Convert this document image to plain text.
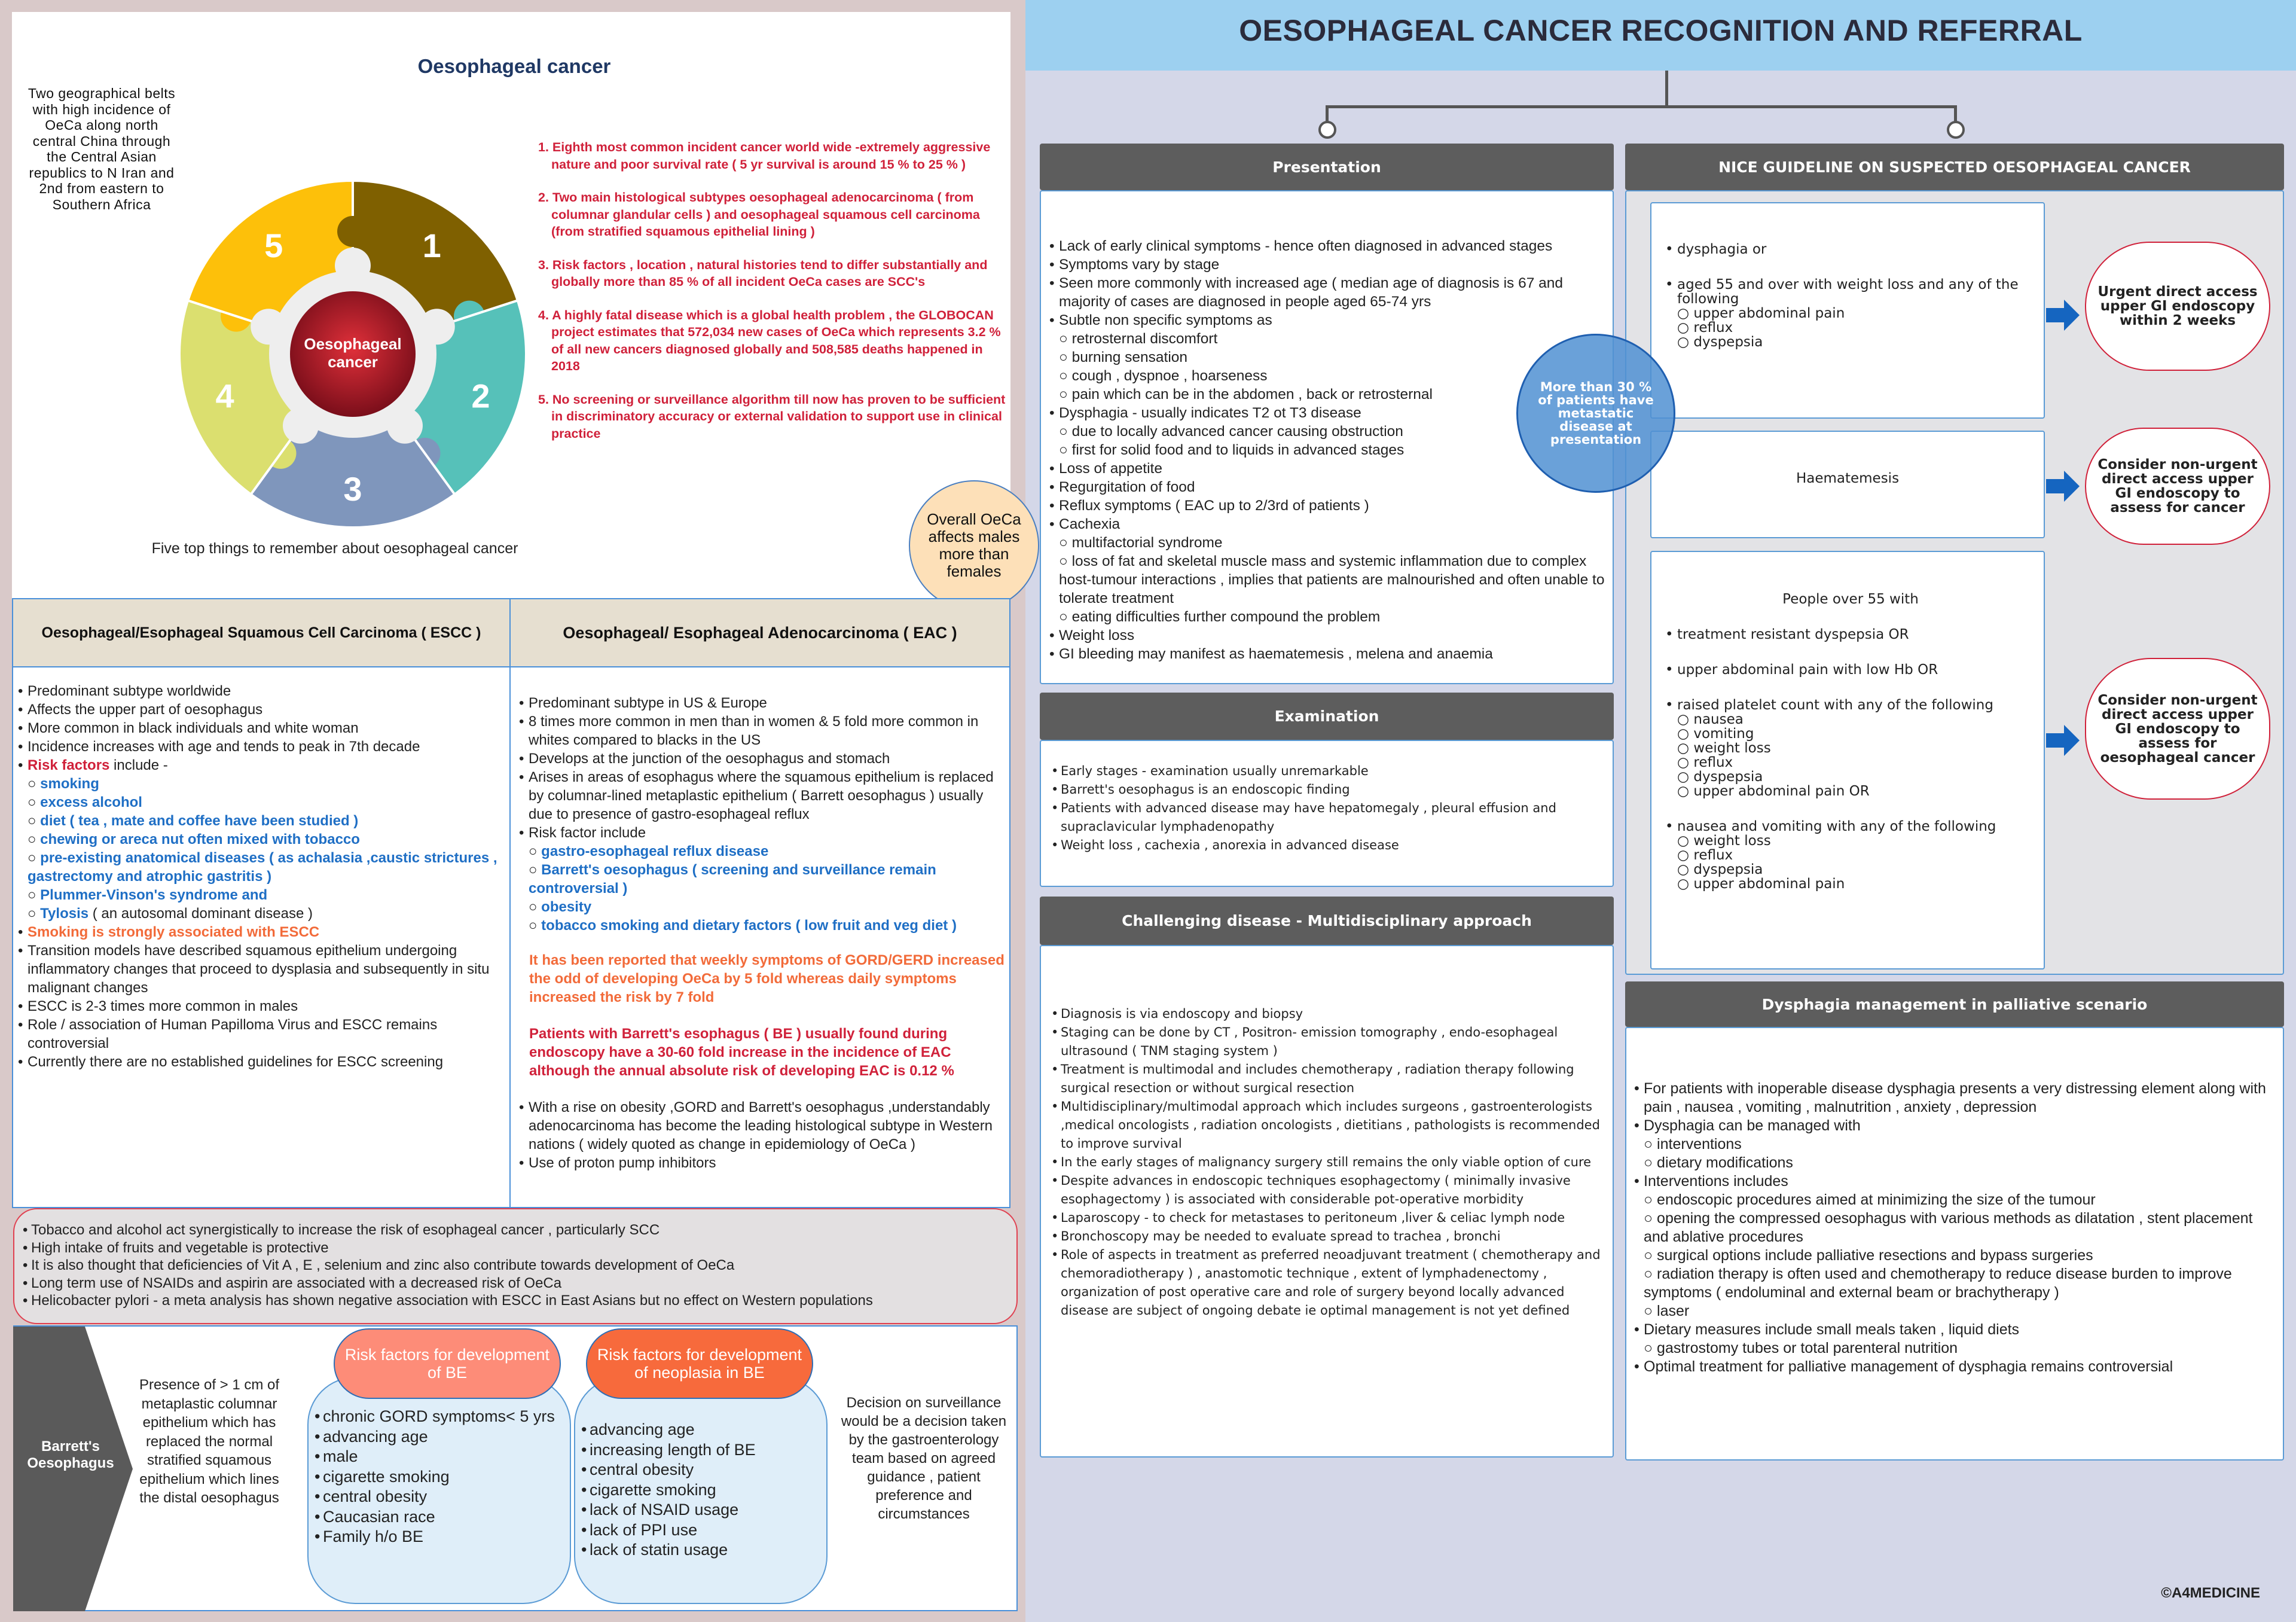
Oesophageal cancer
Two geographical belts with high incidence of OeCa along north central China through the Central Asian republics to N Iran and 2nd from eastern to Southern Africa
Oesophageal cancer
1
2
3
4
5
Five top things to remember about oesophageal cancer
1. Eighth most common incident cancer world wide -extremely aggressive nature and poor survival rate ( 5 yr survival is around 15 % to 25 % )
2. Two main histological subtypes oesophageal adenocarcinoma ( from columnar glandular cells ) and oesophageal squamous cell carcinoma (from stratified squamous epithelial lining )
3. Risk factors , location , natural histories tend to differ substantially and globally more than 85 % of all incident OeCa cases are SCC's
4. A highly fatal disease which is a global health problem , the GLOBOCAN project estimates that 572,034 new cases of OeCa which represents 3.2 % of all new cancers diagnosed globally and 508,585 deaths happened in 2018
5. No screening or surveillance algorithm till now has proven to be sufficient in discriminatory accuracy or external validation to support use in clinical practice
Overall OeCa affects males more than females
Oesophageal/Esophageal Squamous Cell Carcinoma ( ESCC )	Oesophageal/ Esophageal Adenocarcinoma ( EAC )
• Predominant subtype worldwide
• Affects the upper part of oesophagus
• More common in black individuals and white woman
• Incidence increases with age and tends to peak in 7th decade
• Risk factors include -
○ smoking
○ excess alcohol
○ diet ( tea , mate and coffee have been studied )
○ chewing or areca nut often mixed with tobacco
○ pre-existing anatomical diseases ( as achalasia ,caustic strictures , gastrectomy and atrophic gastritis )
○ Plummer-Vinson's syndrome and
○ Tylosis ( an autosomal dominant disease )
• Smoking is strongly associated with ESCC
• Transition models have described squamous epithelium undergoing inflammatory changes that proceed to dysplasia and subsequently in situ malignant changes
• ESCC is 2-3 times more common in males
• Role / association of Human Papilloma Virus and ESCC remains controversial
• Currently there are no established guidelines for ESCC screening
• Predominant subtype in US & Europe
• 8 times more common in men than in women & 5 fold more common in whites compared to blacks in the US
• Develops at the junction of the oesophagus and stomach
• Arises in areas of esophagus where the squamous epithelium is replaced by columnar-lined metaplastic epithelium ( Barrett oesophagus ) usually due to presence of gastro-esophageal reflux
• Risk factor include
○ gastro-esophageal reflux disease
○ Barrett's oesophagus ( screening and surveillance remain controversial )
○ obesity
○ tobacco smoking and dietary factors ( low fruit and veg diet )
It has been reported that weekly symptoms of GORD/GERD increased the odd of developing OeCa by 5 fold whereas daily symptoms increased the risk by 7 fold
Patients with Barrett's esophagus ( BE ) usually found during endoscopy have a 30-60 fold increase in the incidence of EAC although the annual absolute risk of developing EAC is 0.12 %
• With a rise on obesity ,GORD and Barrett's oesophagus ,understandably adenocarcinoma has become the leading histological subtype in Western nations ( widely quoted as change in epidemiology of OeCa )
• Use of proton pump inhibitors
• Tobacco and alcohol act synergistically to increase the risk of esophageal cancer , particularly SCC
• High intake of fruits and vegetable is protective
• It is also thought that deficiencies of Vit A , E , selenium and zinc also contribute towards development of OeCa
• Long term use of NSAIDs and aspirin are associated with a decreased risk of OeCa
• Helicobacter pylori - a meta analysis has shown negative association with ESCC in East Asians but no effect on Western populations
Barrett's Oesophagus
Presence of > 1 cm of metaplastic columnar epithelium which has replaced the normal stratified squamous epithelium which lines the distal oesophagus
Risk factors for development of BE
Risk factors for development of neoplasia in BE
• chronic GORD symptoms< 5 yrs
• advancing age
• male
• cigarette smoking
• central obesity
• Caucasian race
• Family h/o BE
• advancing age
• increasing length of BE
• central obesity
• cigarette smoking
• lack of NSAID usage
• lack of PPI use
• lack of statin usage
Decision on surveillance would be a decision taken by the gastroenterology team based on agreed guidance , patient preference and circumstances
OESOPHAGEAL CANCER RECOGNITION AND REFERRAL
Presentation
• Lack of early clinical symptoms - hence often diagnosed in advanced stages
• Symptoms vary by stage
• Seen more commonly with increased age ( median age of diagnosis is 67 and majority of cases are diagnosed in people aged 65-74 yrs
• Subtle non specific symptoms as
○ retrosternal discomfort
○ burning sensation
○ cough , dyspnoe , hoarseness
○ pain which can be in the abdomen , back or retrosternal
• Dysphagia - usually indicates T2 ot T3 disease
○ due to locally advanced cancer causing obstruction
○ first for solid food and to liquids in advanced stages
• Loss of appetite
• Regurgitation of food
• Reflux symptoms ( EAC up to 2/3rd of patients )
• Cachexia
○ multifactorial syndrome
○ loss of fat and skeletal muscle mass and systemic inflammation due to complex host-tumour interactions , implies that patients are malnourished and often unable to tolerate treatment
○ eating difficulties further compound the problem
• Weight loss
• GI bleeding may manifest as haematemesis , melena and anaemia
Examination
• Early stages - examination usually unremarkable
• Barrett's oesophagus is an endoscopic finding
• Patients with advanced disease may have hepatomegaly , pleural effusion and supraclavicular lymphadenopathy
• Weight loss , cachexia , anorexia in advanced disease
Challenging disease - Multidisciplinary approach
• Diagnosis is via endoscopy and biopsy
• Staging can be done by CT , Positron- emission tomography , endo-esophageal ultrasound ( TNM staging system )
• Treatment is multimodal and includes chemotherapy , radiation therapy following surgical resection or without surgical resection
• Multidisciplinary/multimodal approach which includes surgeons , gastroenterologists ,medical oncologists , radiation oncologists , dietitians , pathologists is recommended to improve survival
• In the early stages of malignancy surgery still remains the only viable option of cure
• Despite advances in endoscopic techniques esophagectomy ( minimally invasive esophagectomy ) is associated with considerable pot-operative morbidity
• Laparoscopy - to check for metastases to peritoneum ,liver & celiac lymph node
• Bronchoscopy may be needed to evaluate spread to trachea , bronchi
• Role of aspects in treatment as preferred neoadjuvant treatment ( chemotherapy and chemoradiotherapy ) , anastomotic technique , extent of lymphadenectomy , organization of post operative care and role of surgery beyond locally advanced disease are subject of ongoing debate ie optimal management is not yet defined
NICE GUIDELINE ON SUSPECTED OESOPHAGEAL CANCER
• dysphagia or
• aged 55 and over with weight loss and any of the following
○ upper abdominal pain
○ reflux
○ dyspepsia
Haematemesis
People over 55 with
• treatment resistant dyspepsia OR
• upper abdominal pain with low Hb OR
• raised platelet count with any of the following
○ nausea
○ vomiting
○ weight loss
○ reflux
○ dyspepsia
○ upper abdominal pain OR
• nausea and vomiting with any of the following
○ weight loss
○ reflux
○ dyspepsia
○ upper abdominal pain
Urgent direct access upper GI endoscopy within 2 weeks
Consider non-urgent direct access upper GI endoscopy to assess for cancer
Consider non-urgent direct access upper GI endoscopy to assess for oesophageal cancer
More than 30 % of patients have metastatic disease at presentation
Dysphagia management in palliative scenario
• For patients with inoperable disease dysphagia presents a very distressing element along with pain , nausea , vomiting , malnutrition , anxiety , depression
• Dysphagia can be managed with
○ interventions
○ dietary modifications
• Interventions includes
○ endoscopic procedures aimed at minimizing the size of the tumour
○ opening the compressed oesophagus with various methods as dilatation , stent placement and ablative procedures
○ surgical options include palliative resections and bypass surgeries
○ radiation therapy is often used and chemotherapy to reduce disease burden to improve symptoms ( endoluminal and external beam or brachytherapy )
○ laser
• Dietary measures include small meals taken , liquid diets
○ gastrostomy tubes or total parenteral nutrition
• Optimal treatment for palliative management of dysphagia remains controversial
©A4MEDICINE
